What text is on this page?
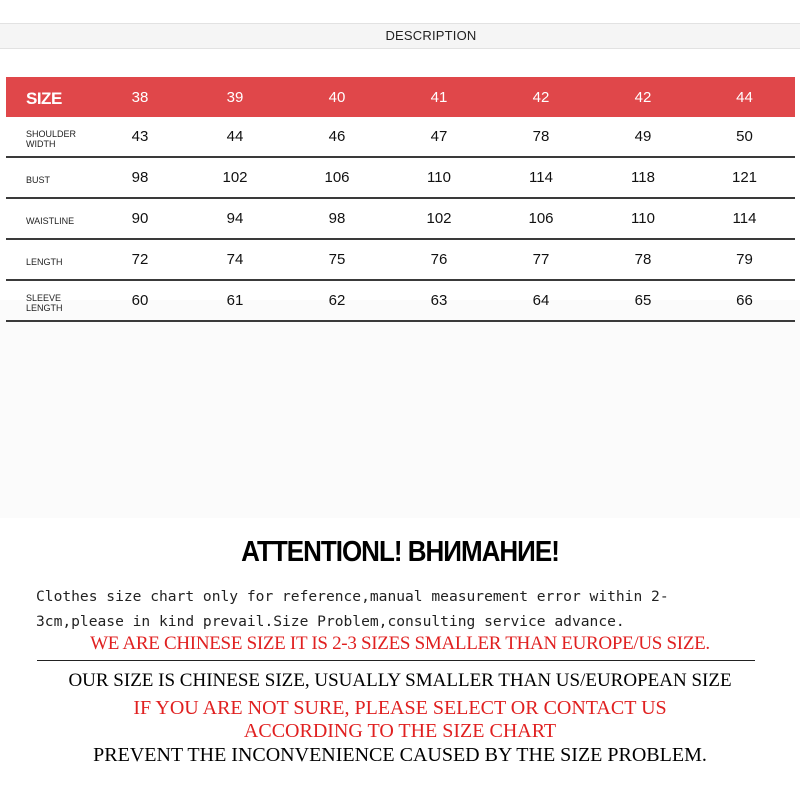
DESCRIPTION
SIZE	38	39	40	41	42	42	44
SHOULDER WIDTH	43	44	46	47	78	49	50
BUST	98	102	106	110	114	118	121
WAISTLINE	90	94	98	102	106	110	114
LENGTH	72	74	75	76	77	78	79
SLEEVE LENGTH	60	61	62	63	64	65	66
ATTENTIONL! ВНИМАНИЕ!
Clothes size chart only for reference,manual measurement error within 2-
3cm,please in kind prevail.Size Problem,consulting service advance.
WE ARE CHINESE SIZE IT IS 2-3 SIZES SMALLER THAN EUROPE/US SIZE.
OUR SIZE IS CHINESE SIZE, USUALLY SMALLER THAN US/EUROPEAN SIZE
IF YOU ARE NOT SURE, PLEASE SELECT OR CONTACT US
ACCORDING TO THE SIZE CHART
PREVENT THE INCONVENIENCE CAUSED BY THE SIZE PROBLEM.
